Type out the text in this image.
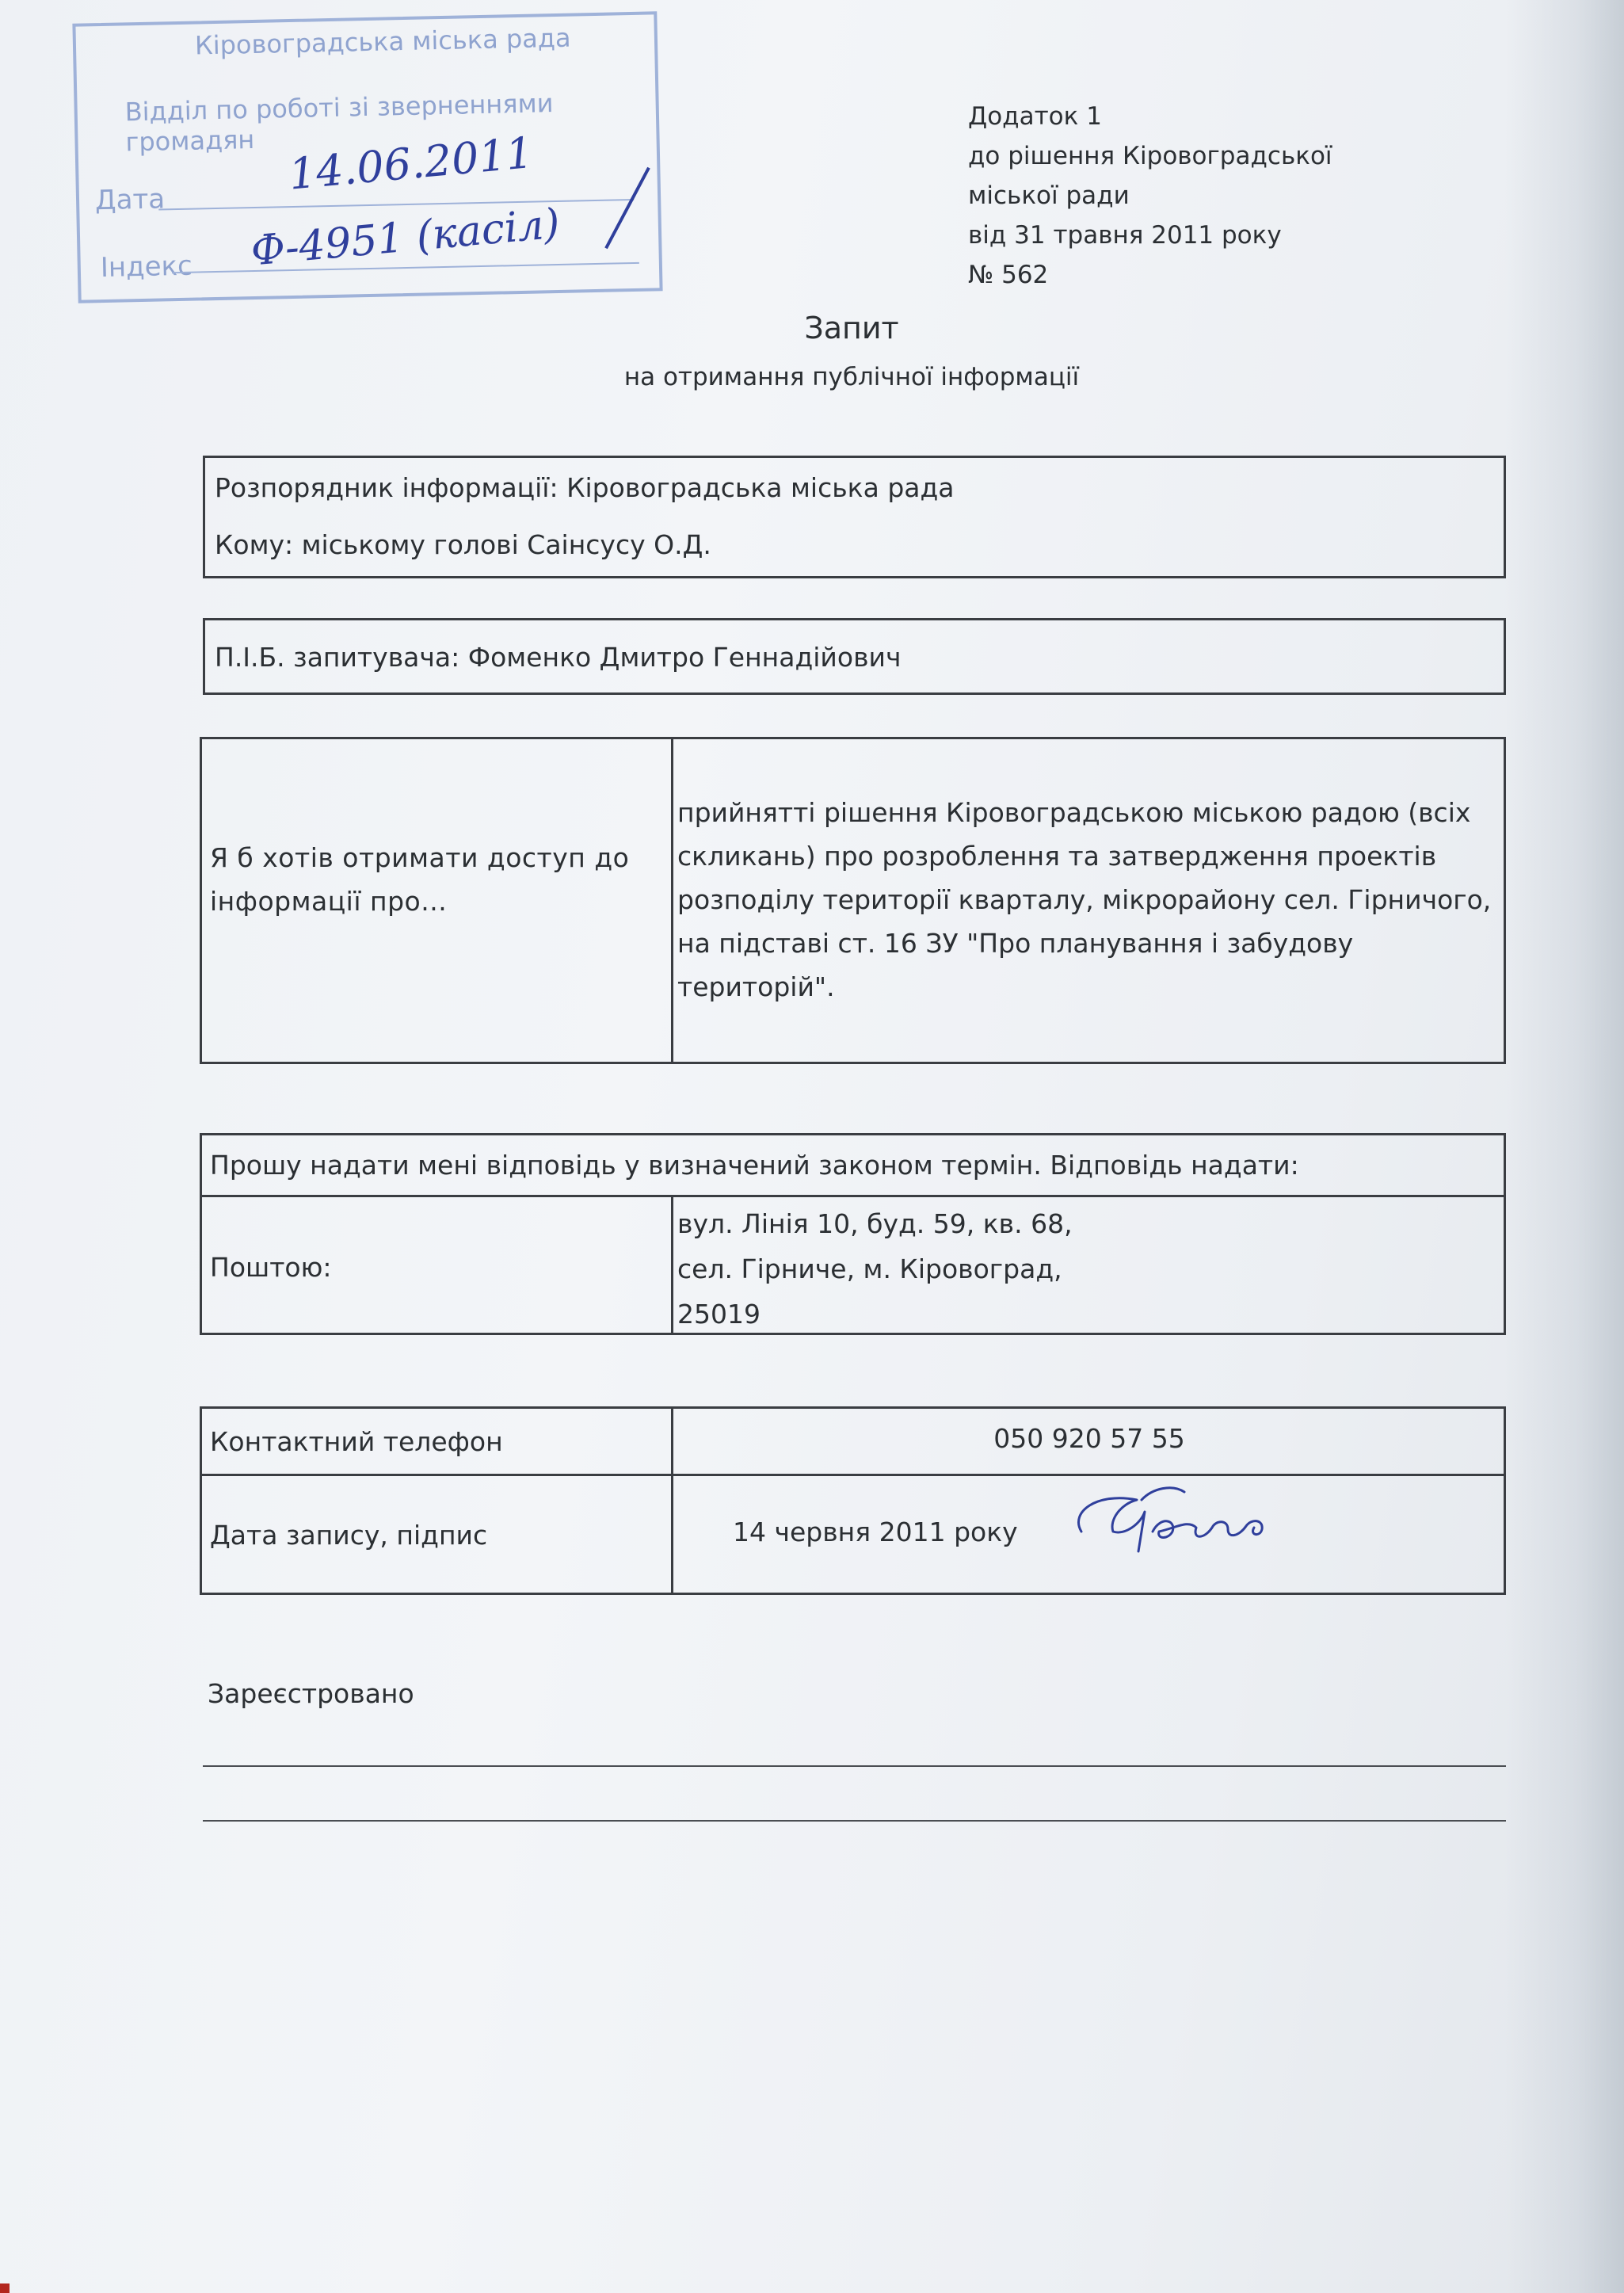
Кіровоградська міська рада
Відділ по роботі зі зверненнями громадян
Дата
Індекс
14.06.2011
Ф-4951 (касіл)
Додаток 1
до рішення Кіровоградської
міської ради
від 31 травня 2011 року
№ 562
Запит
на отримання публічної інформації
Розпорядник інформації: Кіровоградська міська рада
Кому: міському голові Саінсусу О.Д.
П.І.Б. запитувача: Фоменко Дмитро Геннадійович
Я б хотів отримати доступ до інформації про...
прийнятті рішення Кіровоградською міською радою (всіх скликань) про розроблення та затвердження проектів розподілу території кварталу, мікрорайону сел. Гірничого, на підставі ст. 16 ЗУ "Про планування і забудову територій".
Прошу надати мені відповідь у визначений законом термін. Відповідь надати:
Поштою:
вул. Лінія 10, буд. 59, кв. 68,
сел. Гірниче, м. Кіровоград,
25019
Контактний телефон	050 920 57 55
Дата запису, підпис	14 червня 2011 року
Зареєстровано
